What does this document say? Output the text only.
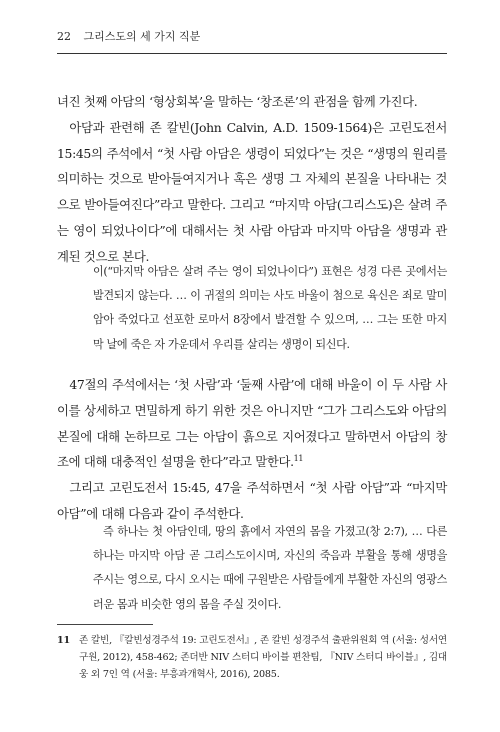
22 그리스도의 세 가지 직분

녀진 첫째 아담의 ‘형상회복’을 말하는 ‘창조론’의 관점을 함께 가진다.

아담과 관련해 존 칼빈(John Calvin, A.D. 1509-1564)은 고린도전서 15:45의 주석에서 “첫 사람 아담은 생령이 되었다”는 것은 “생명의 원리를 의미하는 것으로 받아들여지거나 혹은 생명 그 자체의 본질을 나타내는 것으로 받아들여진다”라고 말한다. 그리고 “마지막 아담(그리스도)은 살려 주는 영이 되었나이다”에 대해서는 첫 사람 아담과 마지막 아담을 생명과 관계된 것으로 본다.

이(“마지막 아담은 살려 주는 영이 되었나이다”) 표현은 성경 다른 곳에서는 발견되지 않는다. … 이 귀절의 의미는 사도 바울이 첨으로 육신은 죄로 말미암아 죽었다고 선포한 로마서 8장에서 발견할 수 있으며, … 그는 또한 마지막 날에 죽은 자 가운데서 우리를 살리는 생명이 되신다.

47절의 주석에서는 ‘첫 사람’과 ‘둘째 사람’에 대해 바울이 이 두 사람 사이를 상세하고 면밀하게 하기 위한 것은 아니지만 “그가 그리스도와 아담의 본질에 대해 논하므로 그는 아담이 흙으로 지어졌다고 말하면서 아담의 창조에 대해 대충적인 설명을 한다”라고 말한다.$^{11}$

그리고 고린도전서 15:45, 47을 주석하면서 “첫 사람 아담”과 “마지막 아담”에 대해 다음과 같이 주석한다.

즉 하나는 첫 아담인데, 땅의 흙에서 자연의 몸을 가졌고(창 2:7), … 다른 하나는 마지막 아담 곧 그리스도이시며, 자신의 죽음과 부활을 통해 생명을 주시는 영으로, 다시 오시는 때에 구원받은 사람들에게 부활한 자신의 영광스러운 몸과 비슷한 영의 몸을 주실 것이다.

11 존 칼빈, 『칼빈성경주석 19: 고린도전서』, 존 칼빈 성경주석 출판위원회 역 (서울: 성서연구원, 2012), 458-462; 존더반 NIV 스터디 바이블 편찬팀, 『NIV 스터디 바이블』, 김대웅 외 7인 역 (서울: 부흥과개혁사, 2016), 2085.
